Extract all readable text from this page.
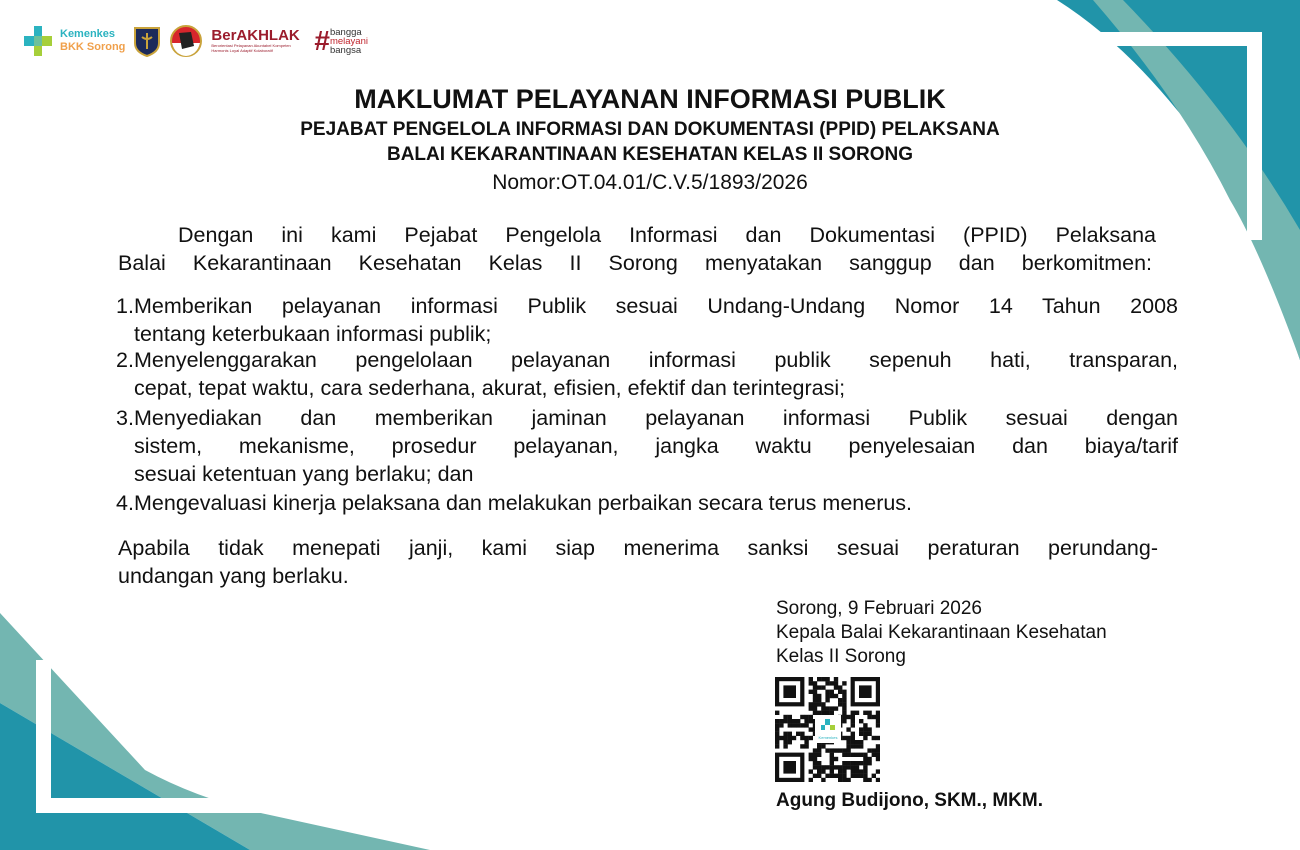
Kemenkes
BKK Sorong
BerAKHLAK
Berorientasi Pelayanan Akuntabel Kompeten Harmonis Loyal Adaptif Kolaboratif	# bangga
melayani
bangsa
MAKLUMAT PELAYANAN INFORMASI PUBLIK
PEJABAT PENGELOLA INFORMASI DAN DOKUMENTASI (PPID) PELAKSANA
BALAI KEKARANTINAAN KESEHATAN KELAS II SORONG
Nomor:OT.04.01/C.V.5/1893/2026
Dengan ini kami Pejabat Pengelola Informasi dan Dokumentasi (PPID) Pelaksana
Balai Kekarantinaan Kesehatan Kelas II Sorong menyatakan sanggup dan berkomitmen:
1. Memberikan pelayanan informasi Publik sesuai Undang-Undang Nomor 14 Tahun 2008
tentang keterbukaan informasi publik;
2. Menyelenggarakan pengelolaan pelayanan informasi publik sepenuh hati, transparan,
cepat, tepat waktu, cara sederhana, akurat, efisien, efektif dan terintegrasi;
3. Menyediakan dan memberikan jaminan pelayanan informasi Publik sesuai dengan
sistem, mekanisme, prosedur pelayanan, jangka waktu penyelesaian dan biaya/tarif
sesuai ketentuan yang berlaku; dan
4. Mengevaluasi kinerja pelaksana dan melakukan perbaikan secara terus menerus.
Apabila tidak menepati janji, kami siap menerima sanksi sesuai peraturan perundang-
undangan yang berlaku.
Sorong, 9 Februari 2026
Kepala Balai Kekarantinaan Kesehatan
Kelas II Sorong
Kemenkes
Agung Budijono, SKM., MKM.
